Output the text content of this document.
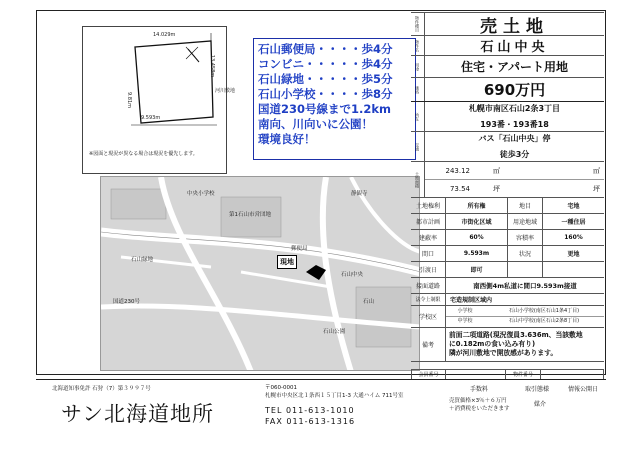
14.029m
13.458m
9.81m
9.593m
河川敷地
※図面と現況が異なる場合は現況を優先します。
石山郵便局・・・・歩4分
コンビニ・・・・・歩4分
石山緑地・・・・・歩5分
石山小学校・・・・歩8分
国道230号線まで1.2km
南向、川向いに公園！
環境良好！
中央小学校
石山緑地
第1石山市営団地
静観寺
石山中央
国道230号	石山
石山公園
郵便局
現地
物件種目	売土地
物件名	石山中央
用途	住宅・アパート用地
価格	690万円
所在
札幌市南区石山2条3丁目
193番・193番18
交通
バス「石山中央」停
徒歩3分
土地面積
243.12	㎡	㎡
73.54	坪	坪
土地権利	所有権	地目	宅地
都市計画	市街化区域	用途地域	一種住居
建蔽率	60%	容積率	160%
間口	9.593m	状況	更地
引渡日	即可
接面道路	南西側4m私道に間口9.593m接道
法令上制限	宅造規制区域内
学校区
小学校	石山小学校(南区石山1条4丁目)
中学校	石山中学校(南区石山2条8丁目)
備考
前面二項道路(現況復員3.636m、当該敷地
に0.182mの食い込み有り)
隣が河川敷地で開放感があります。
会員番号	物件番号
北海道知事免許 石狩（7）第３９９７号
サン北海道地所
〒060-0001
札幌市中央区北１条西１５丁目1-3 大通ハイム 711号室
TEL 011-613-1010
FAX 011-613-1316
手数料	取引態様	情報公開日
売買価格×3％＋６万円
＋消費税をいただきます
媒介
